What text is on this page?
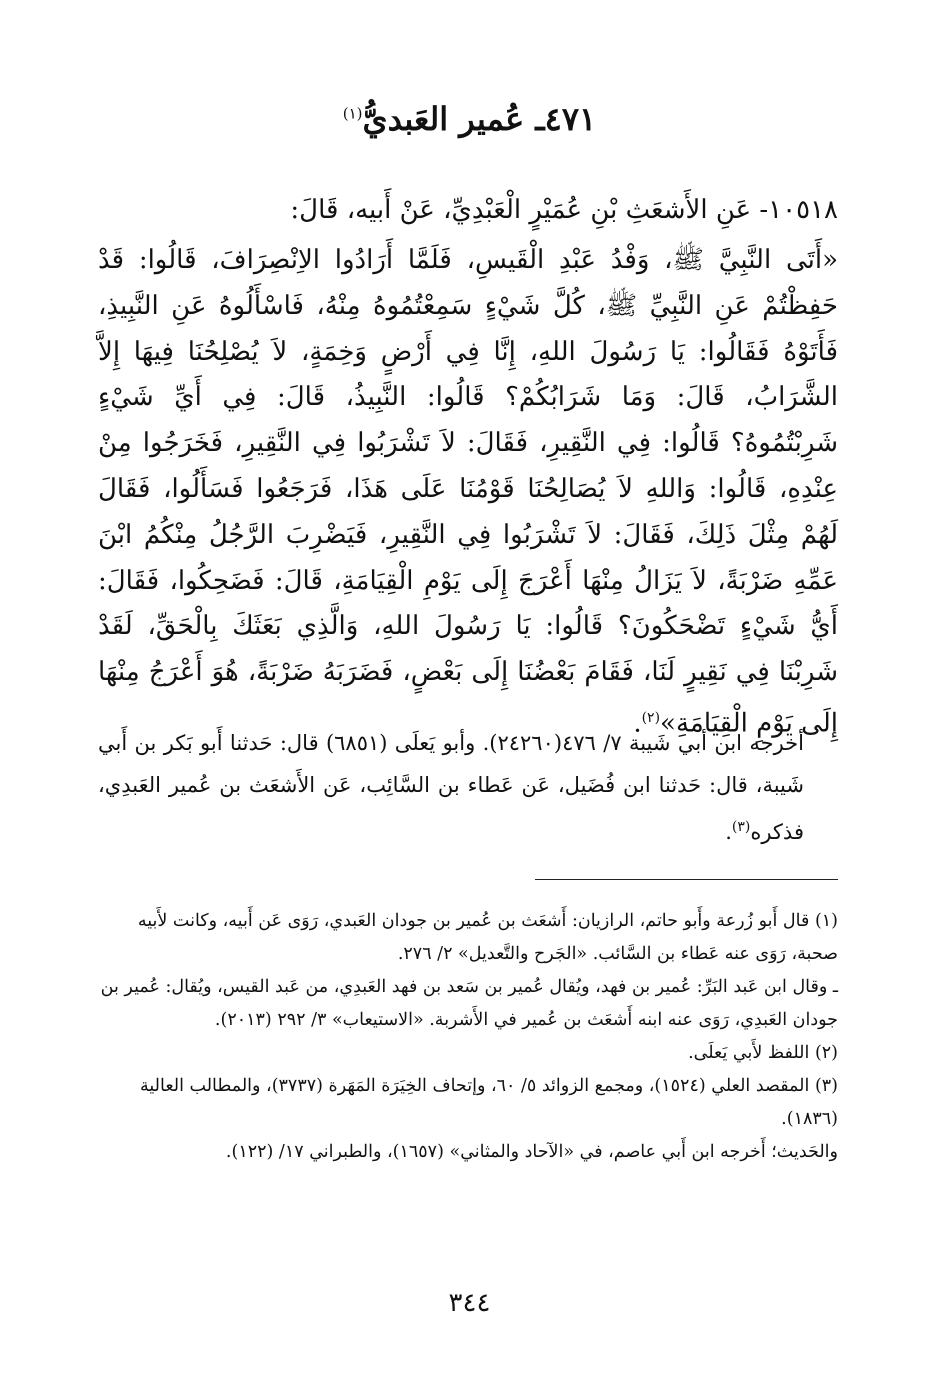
٤٧١ـ عُمير العَبديُّ$^{(١)}$
١٠٥١٨- عَنِ الأَشعَثِ بْنِ عُمَيْرٍ الْعَبْدِيِّ، عَنْ أَبيه، قَالَ:
«أَتَى النَّبِيَّ ﷺ، وَفْدُ عَبْدِ الْقَيسِ، فَلَمَّا أَرَادُوا الاِنْصِرَافَ، قَالُوا: قَدْ حَفِظْتُمْ عَنِ النَّبِيِّ ﷺ، كُلَّ شَيْءٍ سَمِعْتُمُوهُ مِنْهُ، فَاسْأَلُوهُ عَنِ النَّبِيذِ، فَأَتَوْهُ فَقَالُوا: يَا رَسُولَ اللهِ، إِنَّا فِي أَرْضٍ وَخِمَةٍ، لاَ يُصْلِحُنَا فِيهَا إِلاَّ الشَّرَابُ، قَالَ: وَمَا شَرَابُكُمْ؟ قَالُوا: النَّبِيذُ، قَالَ: فِي أَيِّ شَيْءٍ شَرِبْتُمُوهُ؟ قَالُوا: فِي النَّقِيرِ، فَقَالَ: لاَ تَشْرَبُوا فِي النَّقِيرِ، فَخَرَجُوا مِنْ عِنْدِهِ، قَالُوا: وَاللهِ لاَ يُصَالِحُنَا قَوْمُنَا عَلَى هَذَا، فَرَجَعُوا فَسَأَلُوا، فَقَالَ لَهُمْ مِثْلَ ذَلِكَ، فَقَالَ: لاَ تَشْرَبُوا فِي النَّقِيرِ، فَيَضْرِبَ الرَّجُلُ مِنْكُمُ ابْنَ عَمِّهِ ضَرْبَةً، لاَ يَزَالُ مِنْهَا أَعْرَجَ إِلَى يَوْمِ الْقِيَامَةِ، قَالَ: فَضَحِكُوا، فَقَالَ: أَيُّ شَيْءٍ تَضْحَكُونَ؟ قَالُوا: يَا رَسُولَ اللهِ، وَالَّذِي بَعَثَكَ بِالْحَقِّ، لَقَدْ شَرِبْنَا فِي نَقِيرٍ لَنَا، فَقَامَ بَعْضُنَا إِلَى بَعْضٍ، فَضَرَبَهُ ضَرْبَةً، هُوَ أَعْرَجُ مِنْهَا إِلَى يَوْمِ الْقِيَامَةِ»$^{(٢)}$.
أخرجه ابن أبي شَيبة ٧/ ٤٧٦(٢٤٢٦٠). وأبو يَعلَى (٦٨٥١) قال: حَدثنا أَبو بَكر بن أَبي شَيبة، قال: حَدثنا ابن فُضَيل، عَن عَطاء بن السَّائِب، عَن الأَشعَث بن عُمير العَبدِي، فذكره$^{(٣)}$.

(١) قال أَبو زُرعة وأَبو حاتم، الرازيان: أَشعَث بن عُمير بن جودان العَبدي، رَوَى عَن أَبيه، وكانت لأَبيه صحبة، رَوَى عنه عَطاء بن السَّائب. «الجَرح والتَّعديل» ٢/ ٢٧٦.

ـ وقال ابن عَبد البَرِّ: عُمير بن فهد، ويُقال عُمير بن سَعد بن فهد العَبدِي، من عَبد القيس، ويُقال: عُمير بن جودان العَبدِي، رَوَى عنه ابنه أَشعَث بن عُمير في الأَشربة. «الاستيعاب» ٣/ ٢٩٢ (٢٠١٣).

(٢) اللفظ لأَبي يَعلَى.

(٣) المقصد العلي (١٥٢٤)، ومجمع الزوائد ٥/ ٦٠، وإتحاف الخِيَرَة المَهَرة (٣٧٣٧)، والمطالب العالية (١٨٣٦).

والحَديث؛ أَخرجه ابن أَبي عاصم، في «الآحاد والمثاني» (١٦٥٧)، والطبراني ١٧/ (١٢٢).

٣٤٤
